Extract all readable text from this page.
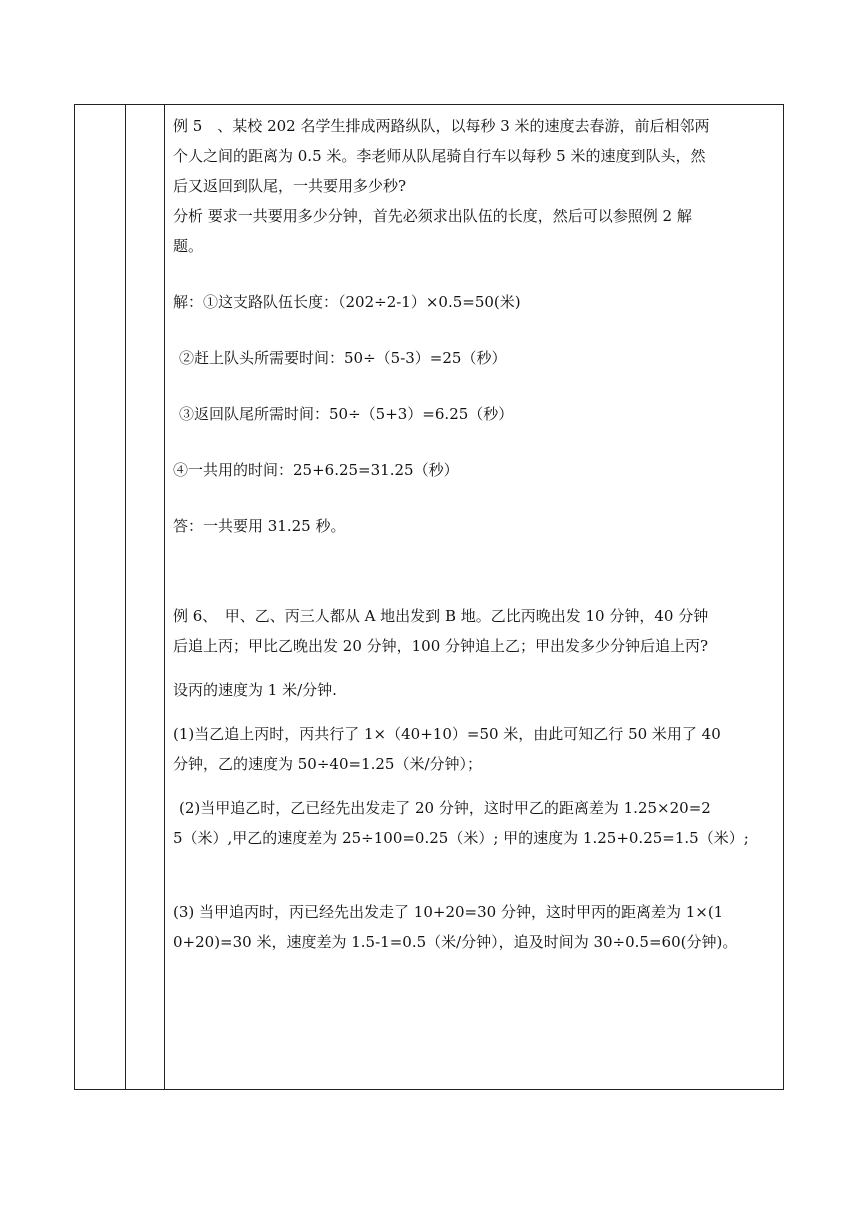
例 5　、某校 202 名学生排成两路纵队，以每秒 3 米的速度去春游，前后相邻两

个人之间的距离为 0.5 米。李老师从队尾骑自行车以每秒 5 米的速度到队头，然

后又返回到队尾，一共要用多少秒?

分析 要求一共要用多少分钟，首先必须求出队伍的长度，然后可以参照例 2 解

题。

解：①这支路队伍长度：（202÷2-1）×0.5=50(米)

②赶上队头所需要时间：50÷（5-3）=25（秒）

③返回队尾所需时间：50÷（5+3）=6.25（秒）

④一共用的时间：25+6.25=31.25（秒）

答：一共要用 31.25 秒。

例 6、　甲、乙、丙三人都从 A 地出发到 B 地。乙比丙晚出发 10 分钟，40 分钟

后追上丙；甲比乙晚出发 20 分钟，100 分钟追上乙；甲出发多少分钟后追上丙?

设丙的速度为 1 米/分钟.

(1)当乙追上丙时，丙共行了 1×（40+10）=50 米，由此可知乙行 50 米用了 40

分钟，乙的速度为 50÷40=1.25（米/分钟）；

(2)当甲追乙时，乙已经先出发走了 20 分钟，这时甲乙的距离差为 1.25×20=2

5（米）,甲乙的速度差为 25÷100=0.25（米）; 甲的速度为 1.25+0.25=1.5（米）;

(3) 当甲追丙时，丙已经先出发走了 10+20=30 分钟，这时甲丙的距离差为 1×(1

0+20)=30 米，速度差为 1.5-1=0.5（米/分钟），追及时间为 30÷0.5=60(分钟)。
